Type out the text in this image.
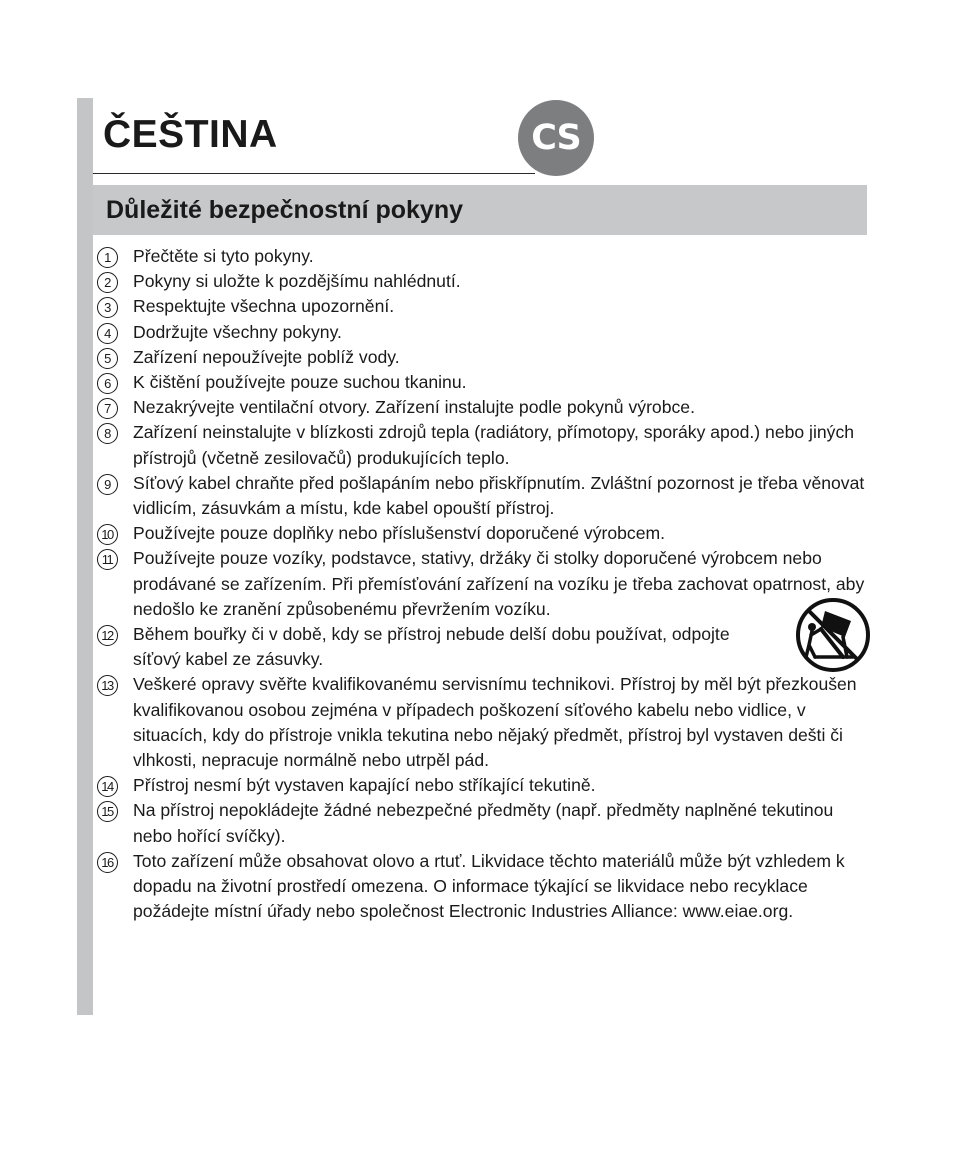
ČEŠTINA	CS
Důležité bezpečnostní pokyny
1 Přečtěte si tyto pokyny.
2 Pokyny si uložte k pozdějšímu nahlédnutí.
3 Respektujte všechna upozornění.
4 Dodržujte všechny pokyny.
5 Zařízení nepoužívejte poblíž vody.
6 K čištění používejte pouze suchou tkaninu.
7 Nezakrývejte ventilační otvory. Zařízení instalujte podle pokynů výrobce.
8 Zařízení neinstalujte v blízkosti zdrojů tepla (radiátory, přímotopy, sporáky apod.) nebo jiných přístrojů (včetně zesilovačů) produkujících teplo.
9 Síťový kabel chraňte před pošlapáním nebo přiskřípnutím. Zvláštní pozornost je třeba věnovat vidlicím, zásuvkám a místu, kde kabel opouští přístroj.
10 Používejte pouze doplňky nebo příslušenství doporučené výrobcem.
11 Používejte pouze vozíky, podstavce, stativy, držáky či stolky doporučené výrobcem nebo prodávané se zařízením. Při přemísťování zařízení na vozíku je třeba zachovat opatrnost, aby nedošlo ke zranění způsobenému převržením vozíku.
12 Během bouřky či v době, kdy se přístroj nebude delší dobu používat, odpojte síťový kabel ze zásuvky.
13 Veškeré opravy svěřte kvalifikovanému servisnímu technikovi. Přístroj by měl být přezkoušen kvalifikovanou osobou zejména v případech poškození síťového kabelu nebo vidlice, v situacích, kdy do přístroje vnikla tekutina nebo nějaký předmět, přístroj byl vystaven dešti či vlhkosti, nepracuje normálně nebo utrpěl pád.
14 Přístroj nesmí být vystaven kapající nebo stříkající tekutině.
15 Na přístroj nepokládejte žádné nebezpečné předměty (např. předměty naplněné tekutinou nebo hořící svíčky).
16 Toto zařízení může obsahovat olovo a rtuť. Likvidace těchto materiálů může být vzhledem k dopadu na životní prostředí omezena. O informace týkající se likvidace nebo recyklace požádejte místní úřady nebo společnost Electronic Industries Alliance: www.eiae.org.
